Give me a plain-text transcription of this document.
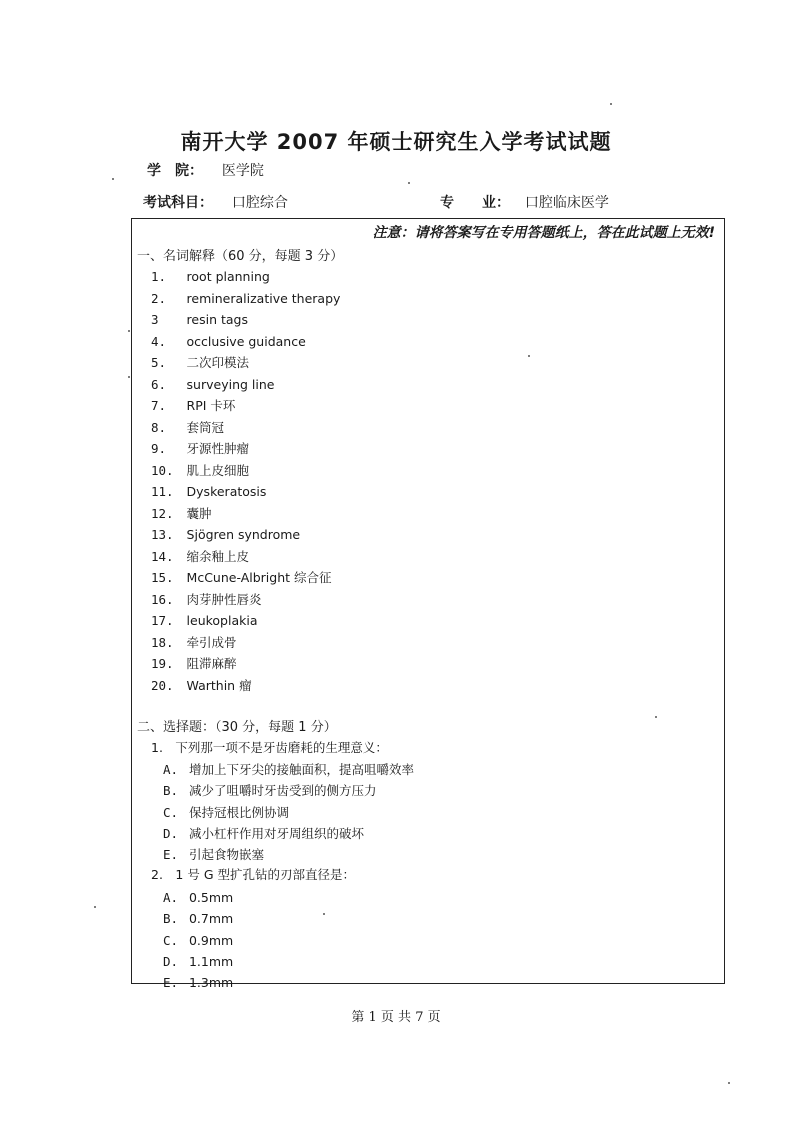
南开大学 2007 年硕士研究生入学考试试题
学　院： 医学院
考试科目： 口腔综合	专　　业： 口腔临床医学
注意：请将答案写在专用答题纸上，答在此试题上无效!
一、名词解释（60 分，每题 3 分）
1. root planning
2. remineralizative therapy
3 resin tags
4. occlusive guidance
5. 二次印模法
6. surveying line
7. RPI 卡环
8. 套筒冠
9. 牙源性肿瘤
10. 肌上皮细胞
11. Dyskeratosis
12. 囊肿
13. Sjögren syndrome
14. 缩余釉上皮
15. McCune-Albright 综合征
16. 肉芽肿性唇炎
17. leukoplakia
18. 牵引成骨
19. 阻滞麻醉
20. Warthin 瘤
二、选择题：（30 分，每题 1 分）
1.　下列那一项不是牙齿磨耗的生理意义：
A. 增加上下牙尖的接触面积，提高咀嚼效率
B. 减少了咀嚼时牙齿受到的侧方压力
C. 保持冠根比例协调
D. 减小杠杆作用对牙周组织的破坏
E. 引起食物嵌塞
2.　1 号 G 型扩孔钻的刃部直径是：
A. 0.5mm
B. 0.7mm
C. 0.9mm
D. 1.1mm
E. 1.3mm
第 1 页 共 7 页
